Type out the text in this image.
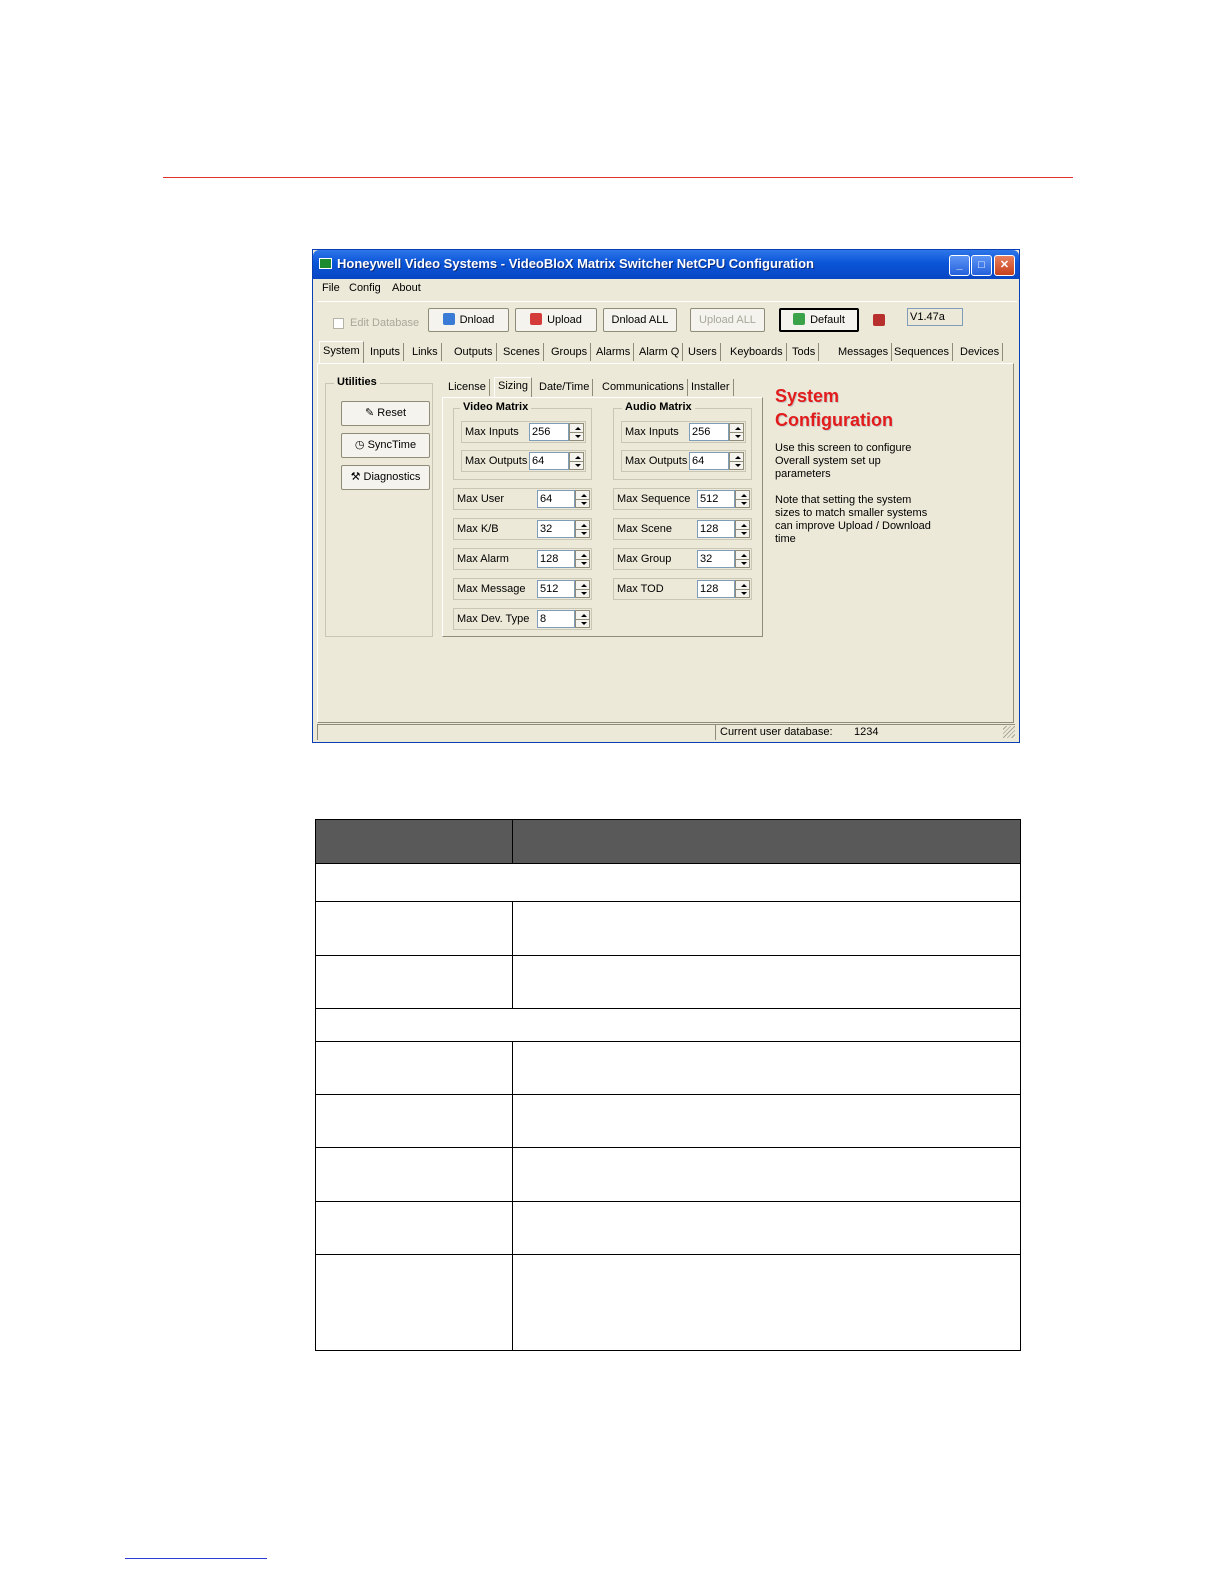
Honeywell Video Systems - VideoBloX Matrix Switcher NetCPU Configuration	_	□	✕
File Config About
Edit Database	Dnload	Upload	Dnload ALL	Upload ALL	Default	V1.47a
System Inputs	Links	Outputs Scenes	Groups Alarms Alarm Q Users	Keyboards Tods	Messages Sequences Devices
Utilities
✎ Reset
◷ SyncTime
⚒ Diagnostics
License	Sizing	Date/Time	Communications Installer
Video Matrix
Max Inputs 256
Max Outputs 64
Audio Matrix
Max Inputs 256
Max Outputs 64
Max User	64
Max K/B	32
Max Alarm	128
Max Message 512
Max Dev. Type 8
Max Sequence 512
Max Scene	128
Max Group	32
Max TOD	128
System
Configuration

Use this screen to configure Overall system set up parameters

Note that setting the system sizes to match smaller systems can improve Upload / Download time

Current user database: 1234
